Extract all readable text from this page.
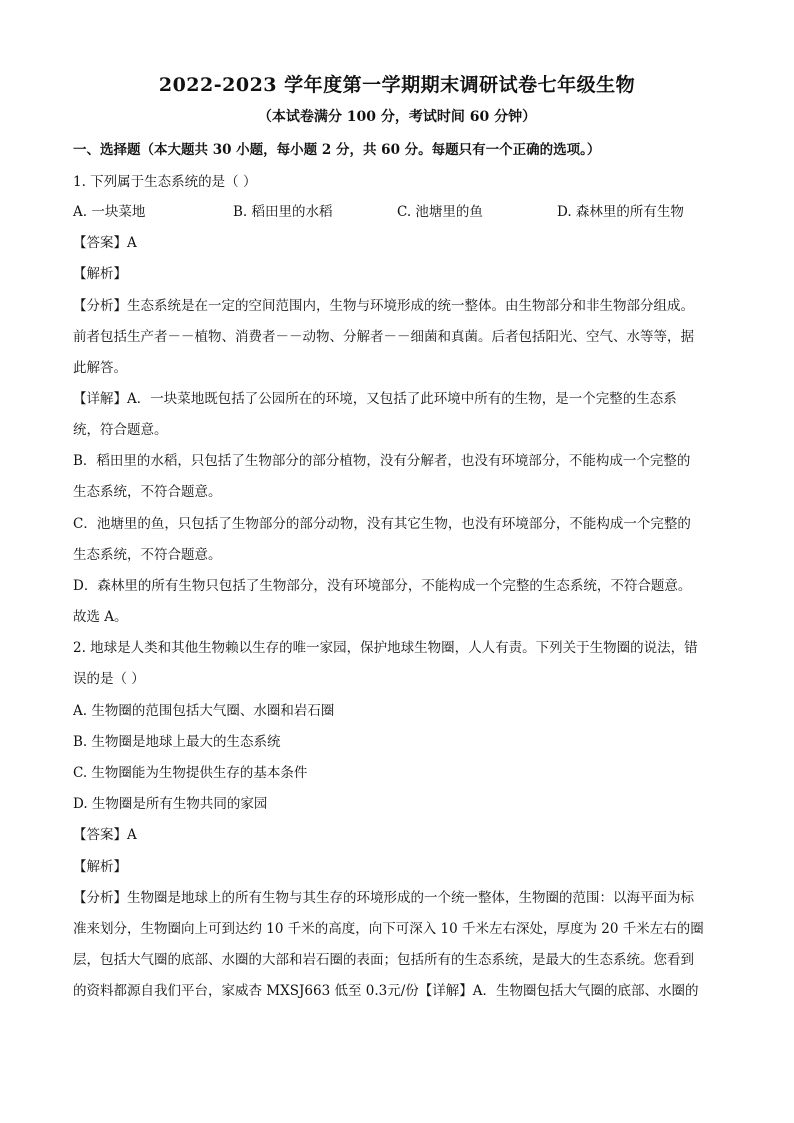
2022-2023 学年度第一学期期末调研试卷七年级生物
（本试卷满分 100 分，考试时间 60 分钟）
一、选择题（本大题共 30 小题，每小题 2 分，共 60 分。每题只有一个正确的选项。）
1. 下列属于生态系统的是（ ）
A. 一块菜地	B. 稻田里的水稻	C. 池塘里的鱼	D. 森林里的所有生物
【答案】A
【解析】
【分析】生态系统是在一定的空间范围内，生物与环境形成的统一整体。由生物部分和非生物部分组成。
前者包括生产者－－植物、消费者－－动物、分解者－－细菌和真菌。后者包括阳光、空气、水等等，据
此解答。
【详解】A．一块菜地既包括了公园所在的环境，又包括了此环境中所有的生物，是一个完整的生态系
统，符合题意。
B．稻田里的水稻，只包括了生物部分的部分植物，没有分解者，也没有环境部分，不能构成一个完整的
生态系统，不符合题意。
C．池塘里的鱼，只包括了生物部分的部分动物，没有其它生物，也没有环境部分，不能构成一个完整的
生态系统，不符合题意。
D．森林里的所有生物只包括了生物部分，没有环境部分，不能构成一个完整的生态系统，不符合题意。
故选 A。
2. 地球是人类和其他生物赖以生存的唯一家园，保护地球生物圈，人人有责。下列关于生物圈的说法，错
误的是（ ）
A. 生物圈的范围包括大气圈、水圈和岩石圈
B. 生物圈是地球上最大的生态系统
C. 生物圈能为生物提供生存的基本条件
D. 生物圈是所有生物共同的家园
【答案】A
【解析】
【分析】生物圈是地球上的所有生物与其生存的环境形成的一个统一整体，生物圈的范围：以海平面为标
准来划分，生物圈向上可到达约 10 千米的高度，向下可深入 10 千米左右深处，厚度为 20 千米左右的圈
层，包括大气圈的底部、水圈的大部和岩石圈的表面；包括所有的生态系统，是最大的生态系统。您看到
的资料都源自我们平台，家威杏 MXSJ663 低至 0.3元/份【详解】A．生物圈包括大气圈的底部、水圈的
